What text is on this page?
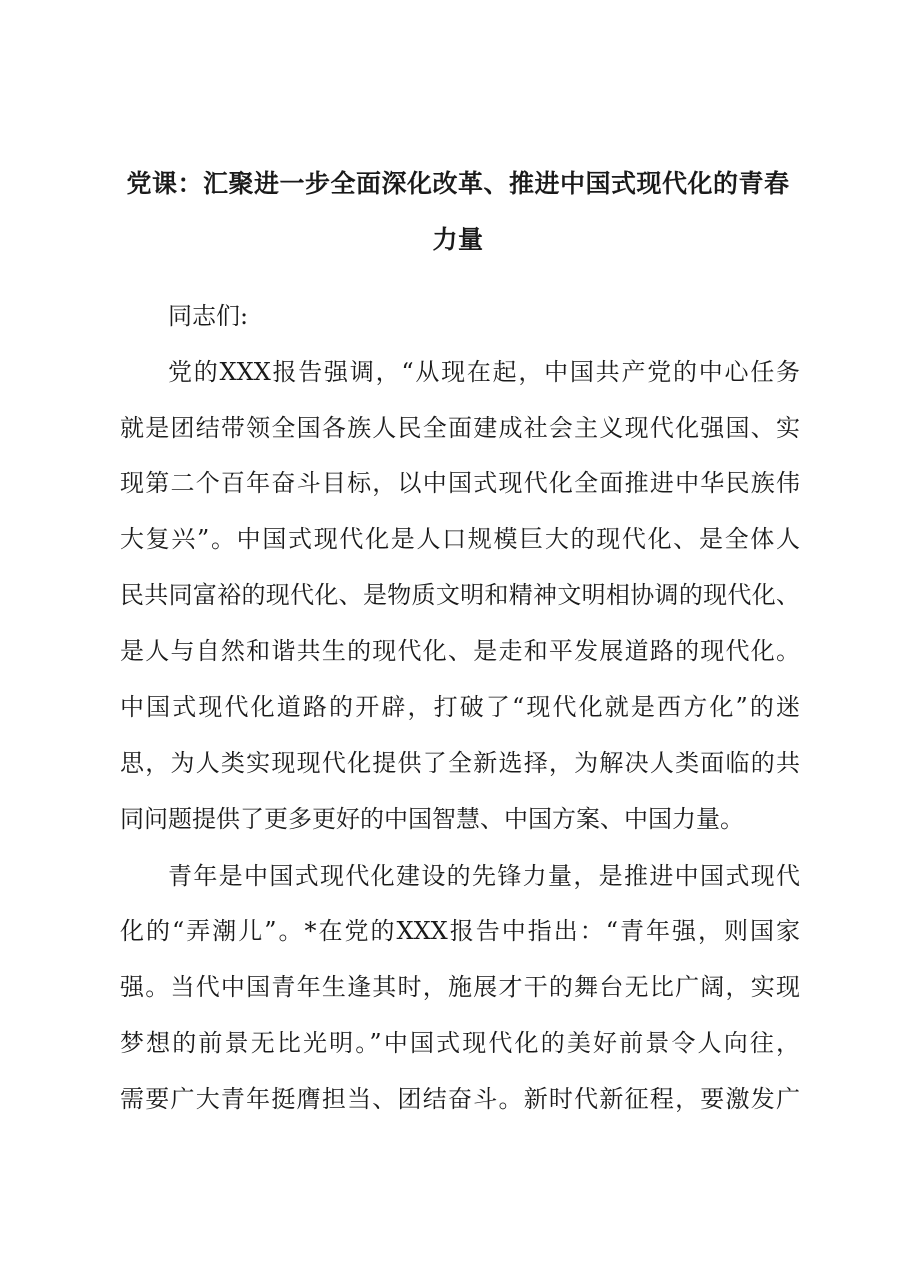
党课：汇聚进一步全面深化改革、推进中国式现代化的青春力量

同志们:

党的XXX报告强调，“从现在起，中国共产党的中心任务

就是团结带领全国各族人民全面建成社会主义现代化强国、实

现第二个百年奋斗目标，以中国式现代化全面推进中华民族伟

大复兴”。中国式现代化是人口规模巨大的现代化、是全体人

民共同富裕的现代化、是物质文明和精神文明相协调的现代化、

是人与自然和谐共生的现代化、是走和平发展道路的现代化。

中国式现代化道路的开辟，打破了“现代化就是西方化”的迷

思，为人类实现现代化提供了全新选择，为解决人类面临的共

同问题提供了更多更好的中国智慧、中国方案、中国力量。

青年是中国式现代化建设的先锋力量，是推进中国式现代

化的“弄潮儿”。*在党的XXX报告中指出：“青年强，则国家

强。当代中国青年生逢其时，施展才干的舞台无比广阔，实现

梦想的前景无比光明。”中国式现代化的美好前景令人向往，

需要广大青年挺膺担当、团结奋斗。新时代新征程，要激发广
